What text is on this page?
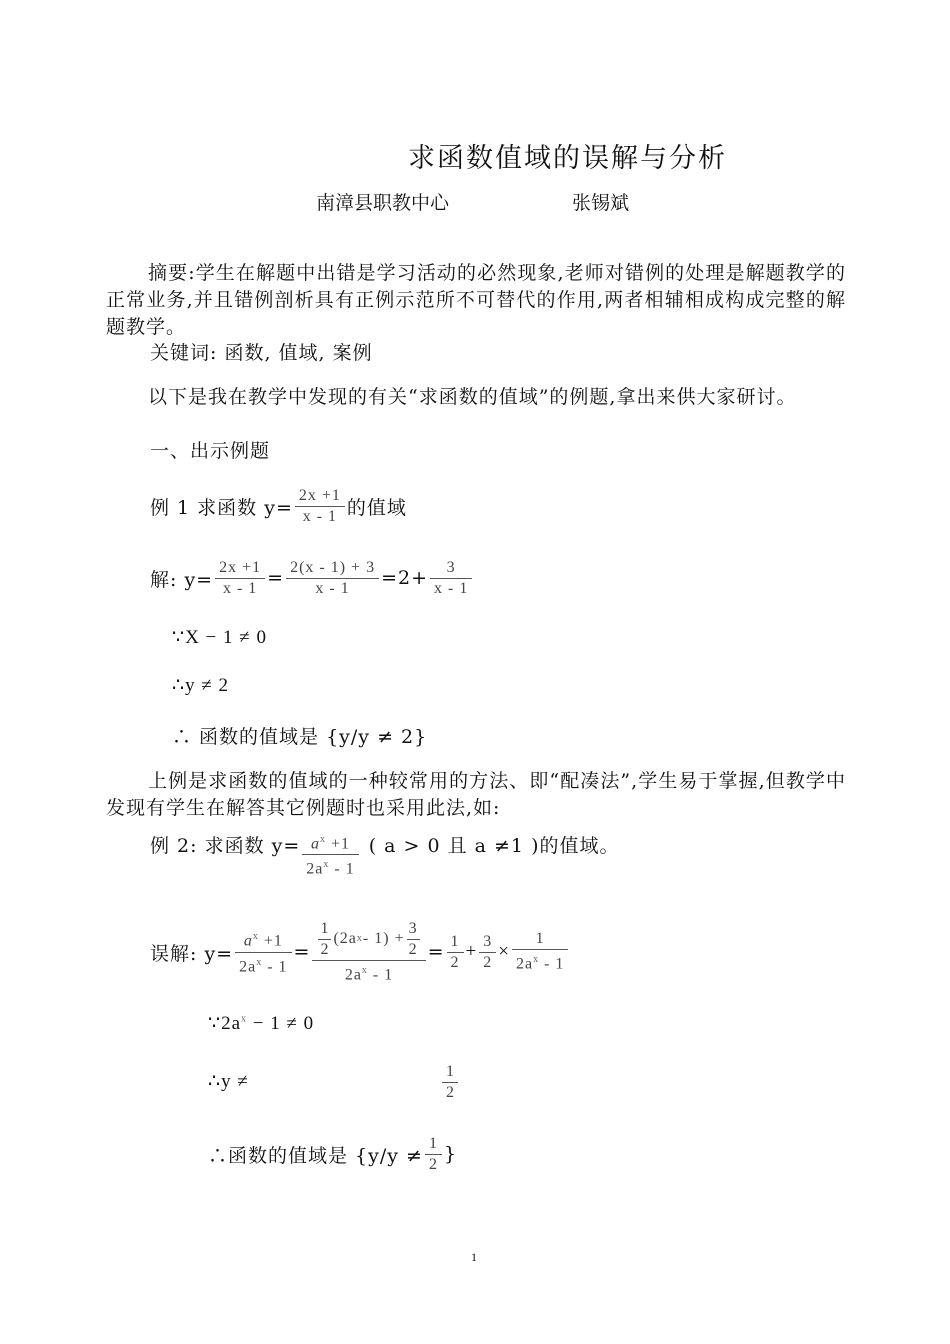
求函数值域的误解与分析
南漳县职教中心	张锡斌
摘要:学生在解题中出错是学习活动的必然现象,老师对错例的处理是解题教学的正常业务,并且错例剖析具有正例示范所不可替代的作用,两者相辅相成构成完整的解题教学。
关键词: 函数, 值域, 案例
以下是我在教学中发现的有关“求函数的值域”的例题,拿出来供大家研讨。
一、出示例题
例 1 求函数 $y= \frac{2x +1}{x - 1}$ 的值域
解: $y= \frac{2x +1}{x - 1} = \frac{2(x - 1) + 3}{x - 1} =2+ \frac{3}{x - 1}$
∵X − 1 ≠ 0
∴y ≠ 2
∴ 函数的值域是 {y/y ≠ 2}
上例是求函数的值域的一种较常用的方法、即“配凑法”,学生易于掌握,但教学中发现有学生在解答其它例题时也采用此法,如:
例 2: 求函数 $y= \frac{a^x +1}{2a^x - 1}$ ( a > 0 且 a ≠1 )的值域。
误解: $y= \frac{a^x +1}{2a^x - 1} = \frac{1}{2} (2a$ $x - 1) + \frac{3}{2}$
$2a^x - 1$
= $\frac{1}{2} + \frac{3}{2} \times \frac{1}{2a^x - 1}$
$\because 2a^x - 1 \ne 0$
∴y ≠	$\frac{1}{2}$
∴函数的值域是 {$y/y \ne \frac{1}{2}$ }
1
